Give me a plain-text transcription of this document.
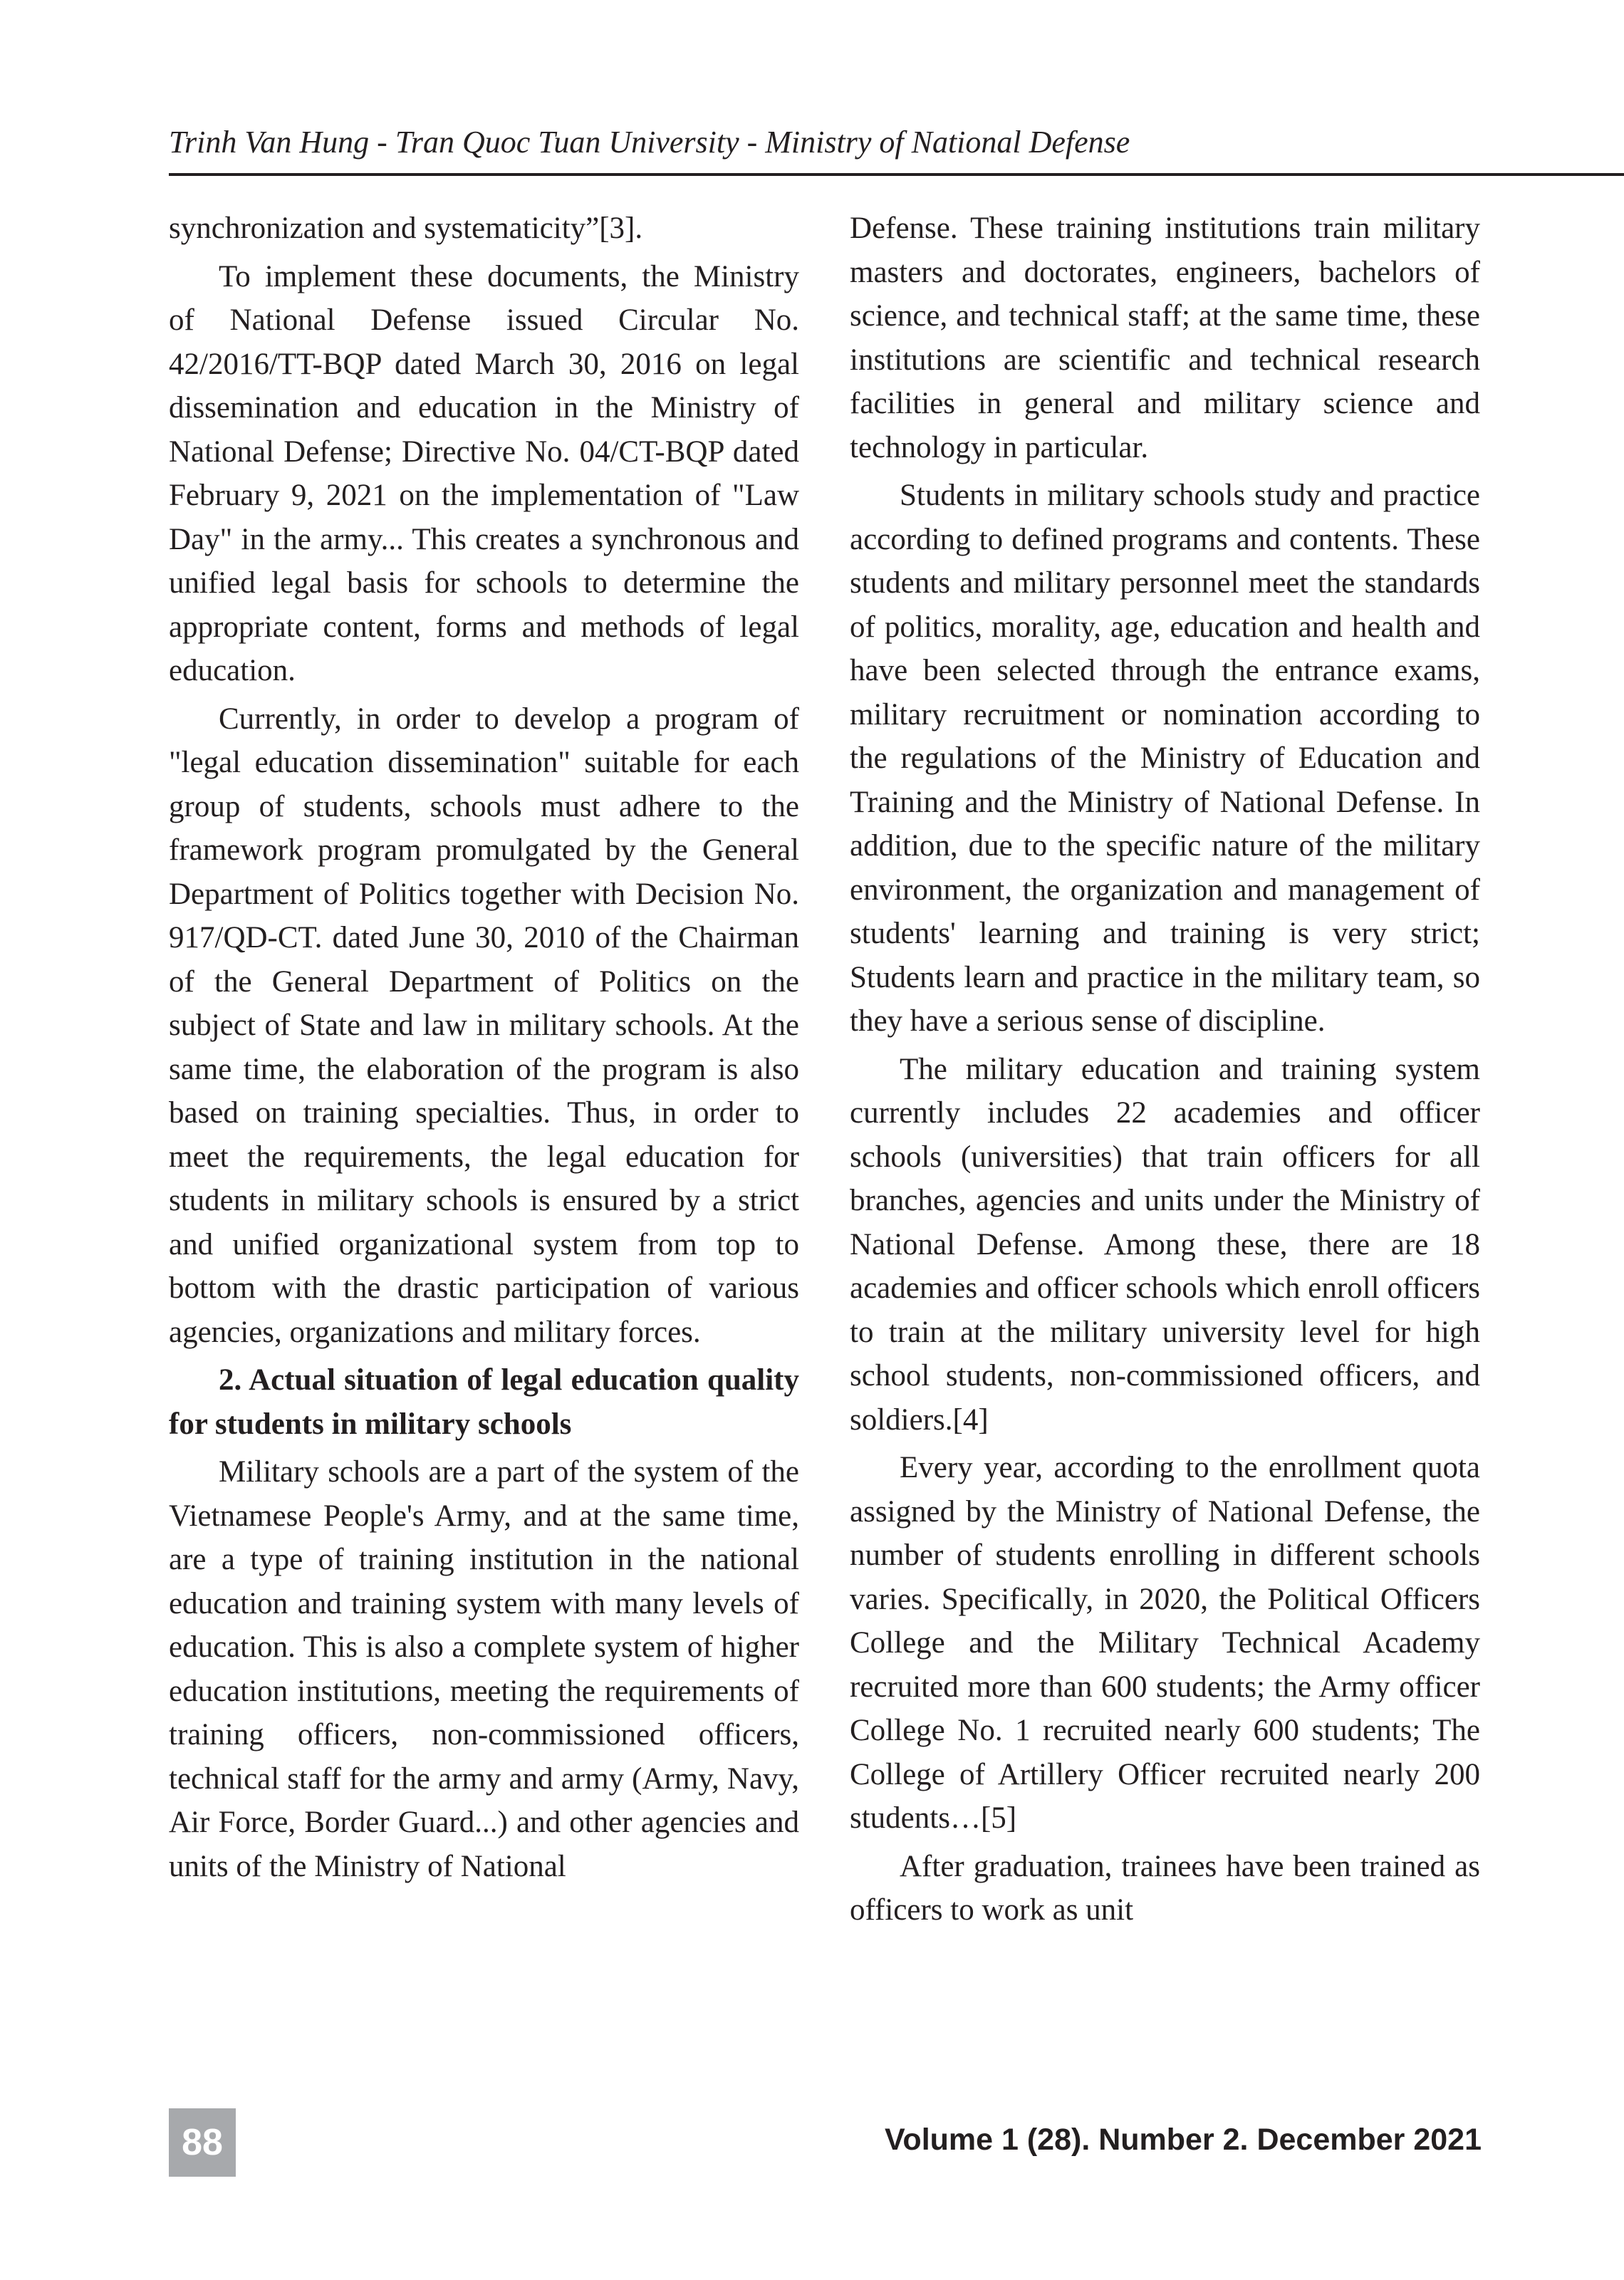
Trinh Van Hung - Tran Quoc Tuan University - Ministry of National Defense

synchronization and systematicity”[3].

To implement these documents, the Ministry of National Defense issued Circular No. 42/2016/TT-BQP dated March 30, 2016 on legal dissemination and education in the Ministry of National Defense; Directive No. 04/CT-BQP dated February 9, 2021 on the implementation of "Law Day" in the army... This creates a synchronous and unified legal basis for schools to determine the appropriate content, forms and methods of legal education.

Currently, in order to develop a program of "legal education dissemination" suitable for each group of students, schools must adhere to the framework program promulgated by the General Department of Politics together with Decision No. 917/QD-CT. dated June 30, 2010 of the Chairman of the General Department of Politics on the subject of State and law in military schools. At the same time, the elaboration of the program is also based on training specialties. Thus, in order to meet the requirements, the legal education for students in military schools is ensured by a strict and unified organizational system from top to bottom with the drastic participation of various agencies, organizations and military forces.

2. Actual situation of legal education quality for students in military schools

Military schools are a part of the system of the Vietnamese People's Army, and at the same time, are a type of training institution in the national education and training system with many levels of education. This is also a complete system of higher education institutions, meeting the requirements of training officers, non-commissioned officers, technical staff for the army and army (Army, Navy, Air Force, Border Guard...) and other agencies and units of the Ministry of National

Defense. These training institutions train military masters and doctorates, engineers, bachelors of science, and technical staff; at the same time, these institutions are scientific and technical research facilities in general and military science and technology in particular.

Students in military schools study and practice according to defined programs and contents. These students and military personnel meet the standards of politics, morality, age, education and health and have been selected through the entrance exams, military recruitment or nomination according to the regulations of the Ministry of Education and Training and the Ministry of National Defense. In addition, due to the specific nature of the military environment, the organization and management of students' learning and training is very strict; Students learn and practice in the military team, so they have a serious sense of discipline.

The military education and training system currently includes 22 academies and officer schools (universities) that train officers for all branches, agencies and units under the Ministry of National Defense. Among these, there are 18 academies and officer schools which enroll officers to train at the military university level for high school students, non-commissioned officers, and soldiers.[4]

Every year, according to the enrollment quota assigned by the Ministry of National Defense, the number of students enrolling in different schools varies. Specifically, in 2020, the Political Officers College and the Military Technical Academy recruited more than 600 students; the Army officer College No. 1 recruited nearly 600 students; The College of Artillery Officer recruited nearly 200 students…[5]

After graduation, trainees have been trained as officers to work as unit

88	Volume 1 (28). Number 2. December 2021
